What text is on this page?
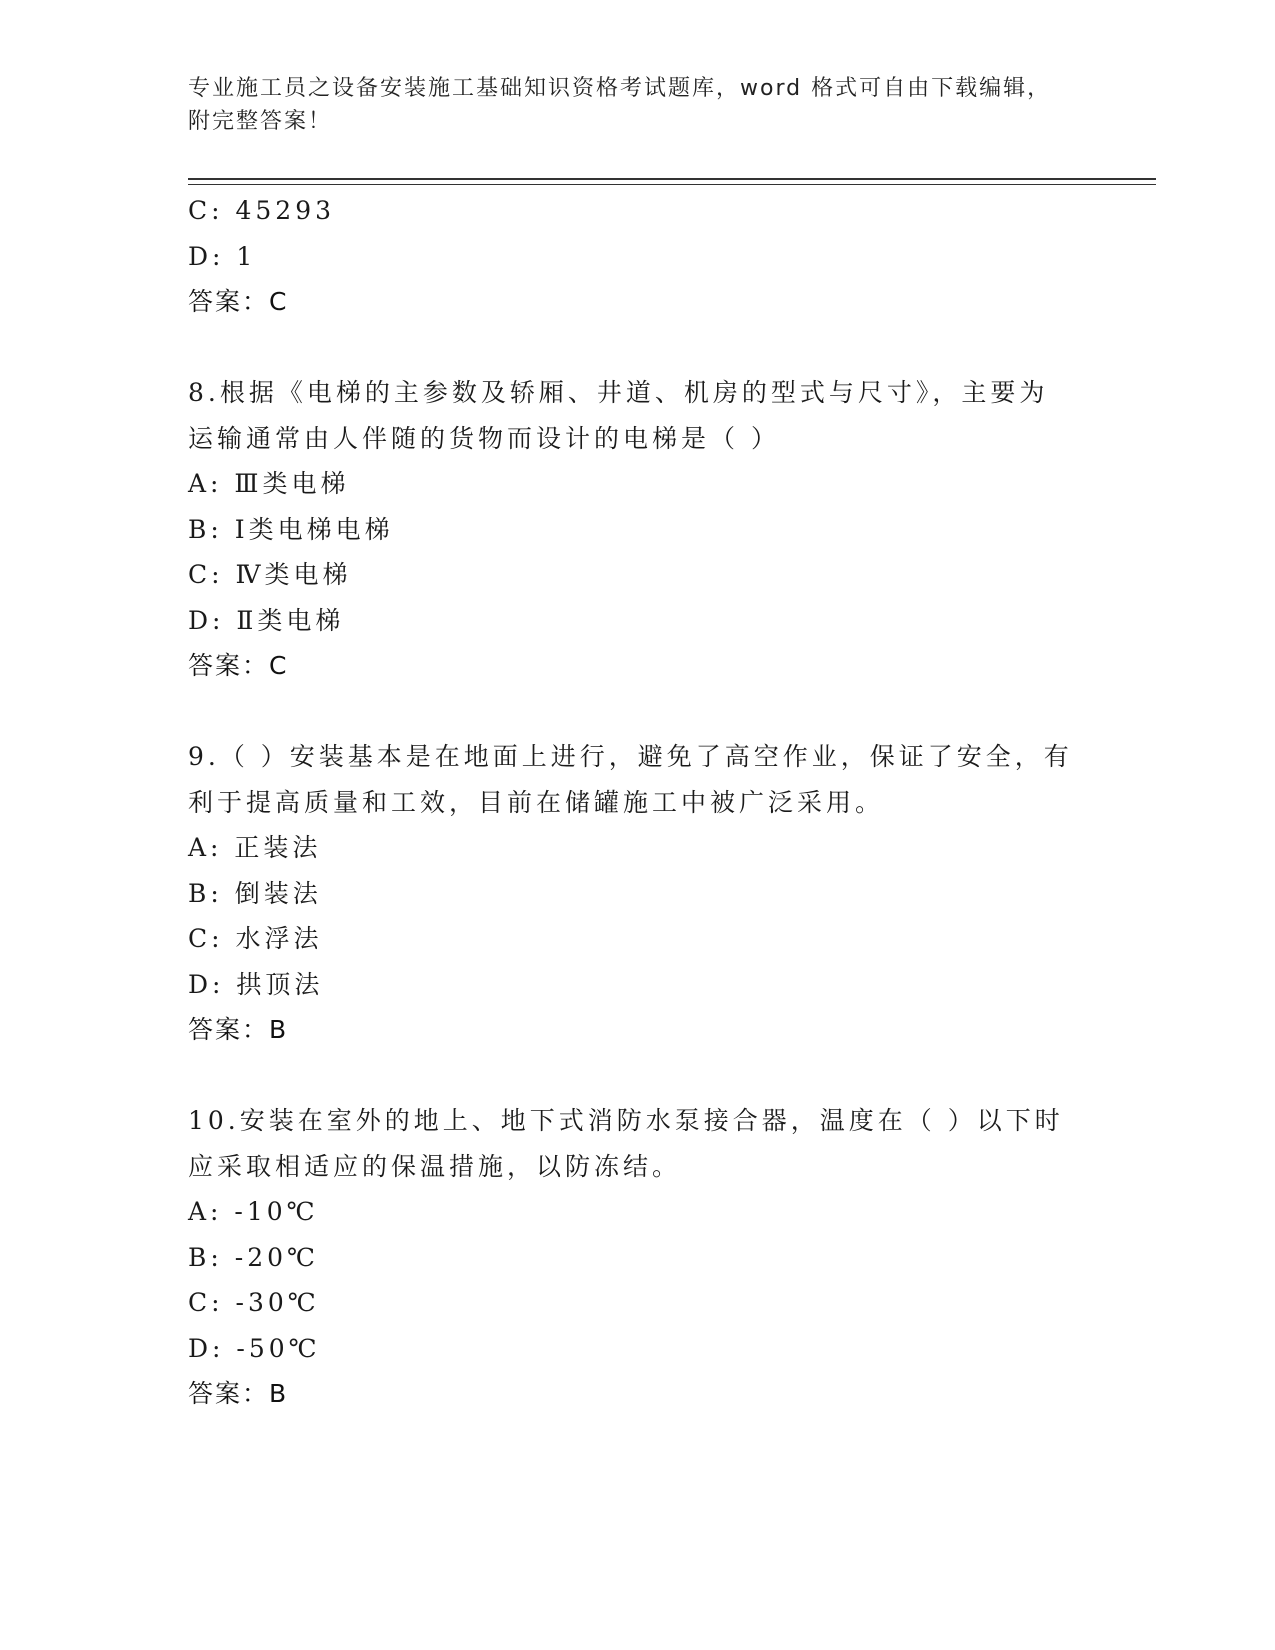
专业施工员之设备安装施工基础知识资格考试题库，word 格式可自由下载编辑，
附完整答案！
C: 45293
D: 1
答案：C
8.根据《电梯的主参数及轿厢、井道、机房的型式与尺寸》，主要为
运输通常由人伴随的货物而设计的电梯是（ ）
A: Ⅲ类电梯
B: Ⅰ类电梯电梯
C: Ⅳ类电梯
D: Ⅱ类电梯
答案：C
9.（ ）安装基本是在地面上进行，避免了高空作业，保证了安全，有
利于提高质量和工效，目前在储罐施工中被广泛采用。
A: 正装法
B: 倒装法
C: 水浮法
D: 拱顶法
答案：B
10.安装在室外的地上、地下式消防水泵接合器，温度在（ ）以下时
应采取相适应的保温措施，以防冻结。
A: -10℃
B: -20℃
C: -30℃
D: -50℃
答案：B
